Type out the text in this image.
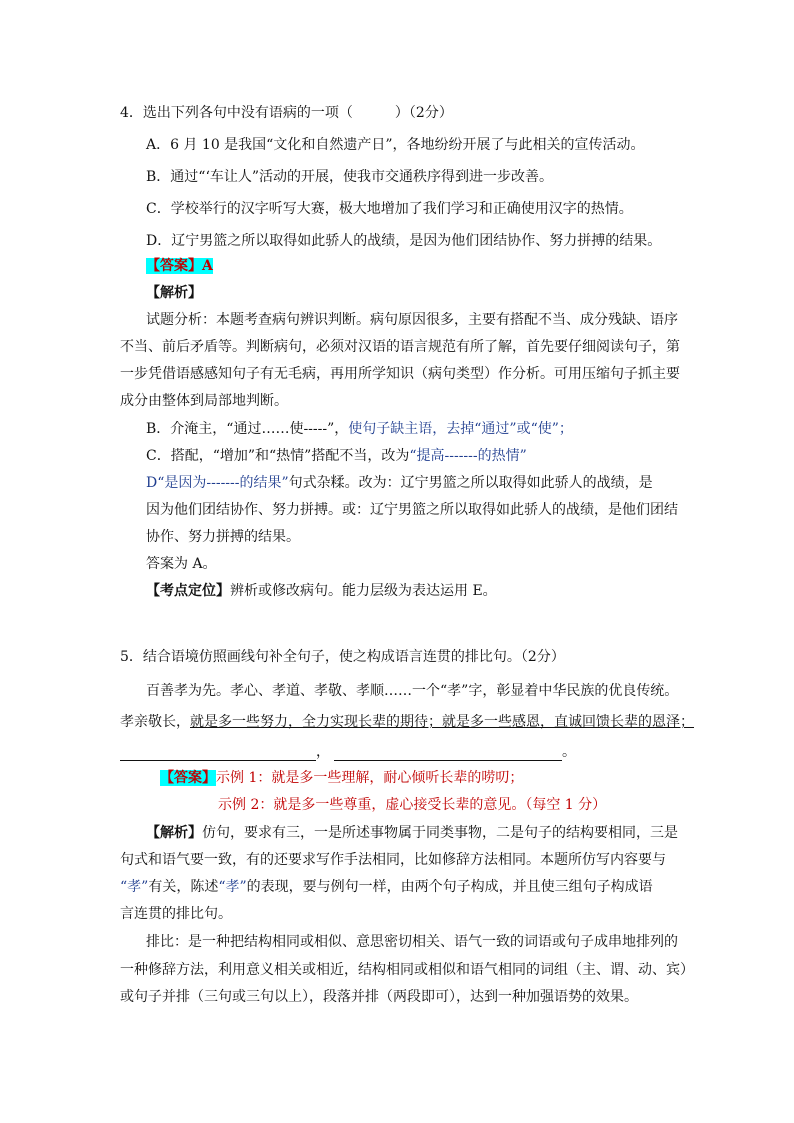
4．选出下列各句中没有语病的一项（　　　）（2分）
A．6 月 10 是我国“文化和自然遗产日”，各地纷纷开展了与此相关的宣传活动。
B．通过“‘车让人”活动的开展，使我市交通秩序得到进一步改善。
C．学校举行的汉字听写大赛，极大地增加了我们学习和正确使用汉字的热情。
D．辽宁男篮之所以取得如此骄人的战绩，是因为他们团结协作、努力拼搏的结果。
【答案】A
【解析】
试题分析：本题考查病句辨识判断。病句原因很多，主要有搭配不当、成分残缺、语序
不当、前后矛盾等。判断病句，必须对汉语的语言规范有所了解，首先要仔细阅读句子，第
一步凭借语感感知句子有无毛病，再用所学知识（病句类型）作分析。可用压缩句子抓主要
成分由整体到局部地判断。
B．介淹主，“通过……使-----”，使句子缺主语，去掉“通过”或“使”；
C．搭配，“增加”和“热情”搭配不当，改为“提高-------的热情”
D“是因为-------的结果”句式杂糅。改为：辽宁男篮之所以取得如此骄人的战绩，是
因为他们团结协作、努力拼搏。或：辽宁男篮之所以取得如此骄人的战绩，是他们团结
协作、努力拼搏的结果。
答案为 A。
【考点定位】辨析或修改病句。能力层级为表达运用 E。
5．结合语境仿照画线句补全句子，使之构成语言连贯的排比句。（2分）
百善孝为先。孝心、孝道、孝敬、孝顺……一个“孝”字，彰显着中华民族的优良传统。
孝亲敬长，就是多一些努力，全力实现长辈的期待；就是多一些感恩，直诚回馈长辈的恩泽；
，	。
【答案】示例 1：就是多一些理解，耐心倾听长辈的唠叨；
示例 2：就是多一些尊重，虚心接受长辈的意见。（每空 1 分）
【解析】仿句，要求有三，一是所述事物属于同类事物，二是句子的结构要相同，三是
句式和语气要一致，有的还要求写作手法相同，比如修辞方法相同。本题所仿写内容要与
“孝”有关，陈述“孝”的表现，要与例句一样，由两个句子构成，并且使三组句子构成语
言连贯的排比句。
排比：是一种把结构相同或相似、意思密切相关、语气一致的词语或句子成串地排列的
一种修辞方法，利用意义相关或相近，结构相同或相似和语气相同的词组（主、谓、动、宾）
或句子并排（三句或三句以上），段落并排（两段即可），达到一种加强语势的效果。
